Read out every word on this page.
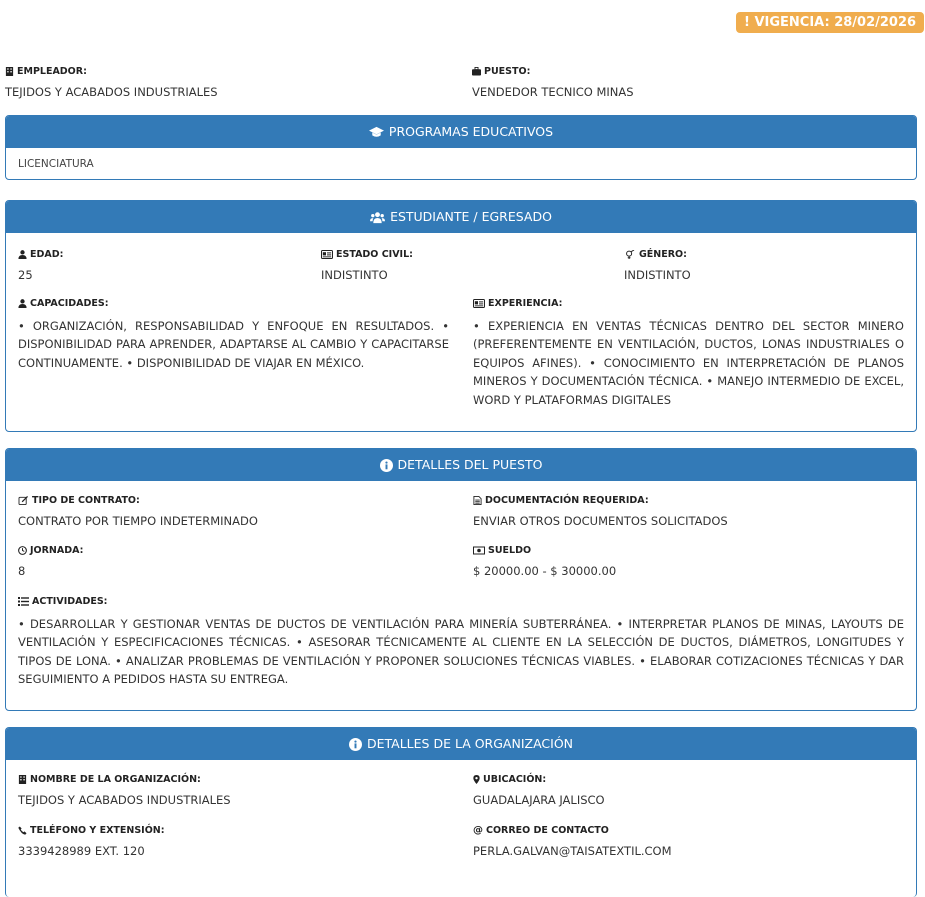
! VIGENCIA: 28/02/2026
EMPLEADOR:
TEJIDOS Y ACABADOS INDUSTRIALES
PUESTO:
VENDEDOR TECNICO MINAS
PROGRAMAS EDUCATIVOS
LICENCIATURA
ESTUDIANTE / EGRESADO
EDAD:
25
ESTADO CIVIL:
INDISTINTO
GÉNERO:
INDISTINTO
CAPACIDADES:
• ORGANIZACIÓN, RESPONSABILIDAD Y ENFOQUE EN RESULTADOS. • DISPONIBILIDAD PARA APRENDER, ADAPTARSE AL CAMBIO Y CAPACITARSE CONTINUAMENTE. • DISPONIBILIDAD DE VIAJAR EN MÉXICO.
EXPERIENCIA:
• EXPERIENCIA EN VENTAS TÉCNICAS DENTRO DEL SECTOR MINERO (PREFERENTEMENTE EN VENTILACIÓN, DUCTOS, LONAS INDUSTRIALES O EQUIPOS AFINES). • CONOCIMIENTO EN INTERPRETACIÓN DE PLANOS MINEROS Y DOCUMENTACIÓN TÉCNICA. • MANEJO INTERMEDIO DE EXCEL, WORD Y PLATAFORMAS DIGITALES
DETALLES DEL PUESTO
TIPO DE CONTRATO:
CONTRATO POR TIEMPO INDETERMINADO
DOCUMENTACIÓN REQUERIDA:
ENVIAR OTROS DOCUMENTOS SOLICITADOS
JORNADA:
8
SUELDO
$ 20000.00 - $ 30000.00
ACTIVIDADES:
• DESARROLLAR Y GESTIONAR VENTAS DE DUCTOS DE VENTILACIÓN PARA MINERÍA SUBTERRÁNEA. • INTERPRETAR PLANOS DE MINAS, LAYOUTS DE VENTILACIÓN Y ESPECIFICACIONES TÉCNICAS. • ASESORAR TÉCNICAMENTE AL CLIENTE EN LA SELECCIÓN DE DUCTOS, DIÁMETROS, LONGITUDES Y TIPOS DE LONA. • ANALIZAR PROBLEMAS DE VENTILACIÓN Y PROPONER SOLUCIONES TÉCNICAS VIABLES. • ELABORAR COTIZACIONES TÉCNICAS Y DAR SEGUIMIENTO A PEDIDOS HASTA SU ENTREGA.
DETALLES DE LA ORGANIZACIÓN
NOMBRE DE LA ORGANIZACIÓN:
TEJIDOS Y ACABADOS INDUSTRIALES
UBICACIÓN:
GUADALAJARA JALISCO
TELÉFONO Y EXTENSIÓN:
3339428989 EXT. 120
@ CORREO DE CONTACTO
PERLA.GALVAN@TAISATEXTIL.COM
